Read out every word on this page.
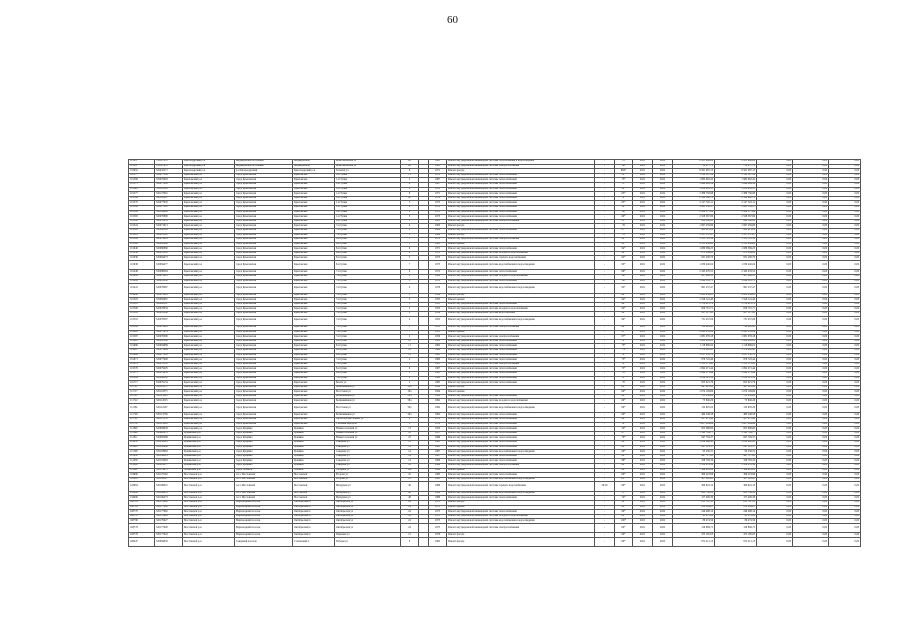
60
111637	741327672	Краснодарский р-н	Медведовское поселение	Медведовская	Комсомольская ул	26		1985	Ремонт внутридомовой инженерной системы газоснабжения и водоотведения	-	15	2021	2022	2 955 948,06	2 955 948,06	0,00	0,00	0,00
111637	741327672	Краснодарский р-н	Медведовское поселение	Медведовская	Комсомольская ул	26		1985	Ремонт внутридомовой инженерной системы электроснабжения	-	60	2021	2022	718 877,71	718 877,71	0,00	0,00	0,00
116002	345432271	Краснодарский р-н	р-н Краснодарский	Краснодарский р-н	Тельман ул	9		1971	Ремонт фасада	-	684*	2021	2022	8 561 087,13	8 561 087,13	0,00	0,00	0,00
101577	345077309	Крыловский р-н	город Крыловская	Крыловская	1-й Тупик	11		1970	Ремонт внутридомовой инженерной системы теплоснабжения	-	52*	2021	2022	1 762 507,16	1 762 507,16	0,00	0,00	0,00
101566	345078463	Крыловский р-н	город Крыловская	Крыловская	1-й Тупик	2		1967	Ремонт внутридомовой инженерной системы теплоснабжения	-	73*	2021	2022	1 982 092,42	1 982 092,42	0,00	0,00	0,00
101571	345077965	Крыловский р-н	город Крыловская	Крыловская	1-й Тупик	4		1967	Ремонт внутридомовой инженерной системы теплоснабжения	-	73*	2021	2022	1 644 999,59	1 644 999,59	0,00	0,00	0,00
111144	345116308	Крыловский р-н	город Крыловская	Крыловская	1-й Тупик	6		1970	Ремонт внутридомовой инженерной системы теплоснабжения	-	58*	2021	2022	1 658 963,13	1 658 963,13	0,00	0,00	0,00
101577	345127961	Крыловский р-н	город Крыловская	Крыловская	1-й Тупик	8		1971	Ремонт внутридомовой инженерной системы теплоснабжения	-	63*	2021	2022	2 389 756,98	2 389 756,98	0,00	0,00	0,00
101586	345163807	Крыловский р-н	город Крыловская	Крыловская	1-й Тупик	20		1976	Ремонт внутридомовой инженерной системы теплоснабжения	-	70*	2021	2022	2 140 290,70	2 140 290,70	0,00	0,00	0,00
101570	345077976	Крыловский р-н	город Крыловская	Крыловская	1-й Тупик	3		1975	Ремонт внутридомовой инженерной системы теплоснабжения	-	63*	2021	2022	2 127 522,11	2 127 522,11	0,00	0,00	0,00
101568	345077801	Крыловский р-н	город Крыловская	Крыловская	1-й Тупик	4		1972	Ремонт внутридомовой инженерной системы теплоснабжения	-	58*	2021	2022	1 661 158,37	1 661 158,37	0,00	0,00	0,00
101584	345104668	Крыловский р-н	город Крыловская	Крыловская	1-й Тупик	9		1973	Ремонт внутридомовой инженерной системы теплоснабжения	-	60	2021	2022	2 459 577,69	2 459 577,69	0,00	0,00	0,00
101565	345076890	Крыловский р-н	город Крыловская	Крыловская	1-й Тупик	3		1973	Ремонт внутридомовой инженерной системы теплоснабжения	-	60*	2021	2022	2 528 367,86	2 528 367,86	0,00	0,00	0,00
101560	345076931	Крыловский р-н	город Крыловская	Крыловская	2-й Тупик	1		1961	Ремонт внутридомовой инженерной системы электроснабжения	-	53*	2021	2022	898 168,41	898 168,41	0,00	0,00	0,00
101324	345071613	Крыловский р-н	город Крыловская	Крыловская	7-й тупик	4		1965	Ремонт фасада	-	76	2021	2022	1 067 459,69	1 067 459,69	0,00	0,00	0,00
101328	345082509	Крыловский р-н	город Крыловская	Крыловская	7-й тупик	2		1969	Ремонт внутридомовой инженерной системы теплоснабжения	-	97*	2021	2022	862 613,29	862 613,29	0,00	0,00	0,00
101323	345081361	Крыловский р-н	город Крыловская	Крыловская	7-й тупик	5		1969	Ремонт фасада	-	76	2021	2022	1 137 157,97	1 137 157,97	0,00	0,00	0,00
101326	345079945	Крыловский р-н	город Крыловская	Крыловская	8-й тупик	5		1970	Ремонт внутридомовой инженерной системы электроснабжения	-	92*	2021	2022	1 135 725,39	1 135 725,39	0,00	0,00	0,00
101526	345083662	Крыловский р-н	город Крыловская	Крыловская	8-й тупик	3		1963	Ремонт крыши	-	92*	2021	2022	2 115 958,60	2 115 958,60	0,00	0,00	0,00
101640	345080860	Крыловский р-н	город Крыловская	Крыловская	8-й тупик	6		1971	Ремонт внутридомовой инженерной системы теплоснабжения	-	94*	2021	2022	1 080 569,25	1 080 569,25	0,00	0,00	0,00
101636	345078245	Крыловский р-н	город Крыловская	Крыловская	8-й тупик	4		1972	Ремонт внутридомовой инженерной системы холодного водоснабжения	-	96*	2021	2022	673 284,90	673 284,90	0,00	0,00	0,00
101639	345084473	Крыловский р-н	город Крыловская	Крыловская	8-й тупик	5		1973	Ремонт внутридомовой инженерной системы горячего водоснабжения	-	92*	2021	2022	931 200,70	931 200,70	0,00	0,00	0,00
101638	345084477	Крыловский р-н	город Крыловская	Крыловская	8-й тупик	7		1973	Ремонт внутридомовой инженерной системы водоснабжения и водоотведения	-	93*	2021	2022	1 030 440,04	1 030 440,04	0,00	0,00	0,00
101449	345086094	Крыловский р-н	город Крыловская	Крыловская	7-й тупик	6		1972	Ремонт внутридомовой инженерной системы теплоснабжения	-	86*	2021	2022	2 343 476,52	2 343 476,52	0,00	0,00	0,00
101445	345078923	Крыловский р-н	город Крыловская	Крыловская	7-й тупик	4		1969	Ремонт внутридомовой инженерной системы холодного водоснабжения	-	60	2021	2022	457 298,13	457 298,13	0,00	0,00	0,00
101445	345081080	Крыловский р-н	город Крыловская	Крыловская	7-й тупик	3		1970	Ремонт внутридомовой инженерной системы теплоснабжения	-	60	2021	2022	1 294 195,71	1 294 195,71	0,00	0,00	0,00
101441	345079967	Крыловский р-н	город Крыловская	Крыловская	7-й тупик	4		1978	Ремонт внутридомовой инженерной системы водоснабжения и водоотведения	-	93*	2021	2022	991 237,47	991 237,47	0,00	0,00	0,00
101498	345078901	Крыловский р-н	город Крыловская	Крыловская	7-й тупик	3		1956	Ремонт фасада	-	94*	2021	2022	2 283 459,03	2 283 459,03	0,00	0,00	0,00
101505	345082667	Крыловский р-н	город Крыловская	Крыловская	7-й тупик	5		1955	Ремонт крыши	-	94*	2021	2022	1 526 141,40	1 526 141,40	0,00	0,00	0,00
101503	345080367	Крыловский р-н	город Крыловская	Крыловская	7-й тупик	5		1955	Ремонт внутридомовой инженерной системы теплоснабжения	-	94*	2021	2022	1 750 915,72	1 750 915,72	0,00	0,00	0,00
101509	345079834	Крыловский р-н	город Крыловская	Крыловская	7-й тупик	2		1955	Ремонт внутридомовой инженерной системы холодного водоснабжения	-	94*	2021	2022	659 710,71	659 710,71	0,00	0,00	0,00
101502	345081066	Крыловский р-н	город Крыловская	Крыловская	7-й тупик	2		1956	Ремонт внутридомовой инженерной системы водоотведения	-	84*	2021	2022	417 517,41	417 517,41	0,00	0,00	0,00
101510	345078307	Крыловский р-н	город Крыловская	Крыловская	7-й тупик	2		1955	Ремонт внутридомовой инженерной системы водоснабжения и водоотведения	-	94*	2021	2022	731 457,06	731 457,06	0,00	0,00	0,00
101508	345078629	Крыловский р-н	город Крыловская	Крыловская	7-й тупик	1		1955	Ремонт внутридомовой инженерной системы электроснабжения	-	94*	2021	2022	792 422,45	792 422,45	0,00	0,00	0,00
101602	345077474	Крыловский р-н	город Крыловская	Крыловская	7-й тупик	7		1955	Ремонт крыши	-	81*	2021	2022	2 045 235,29	2 045 235,29	0,00	0,00	0,00
101597	345070006	Крыловский р-н	город Крыловская	Крыловская	7-й тупик	2		1956	Ремонт внутридомовой инженерной системы электроснабжения	-	87*	2021	2022	1 081 076,18	1 081 076,18	0,00	0,00	0,00
101603	345093106	Крыловский р-н	город Крыловская	Крыловская	8-й тупик	10		1961	Ремонт внутридомовой инженерной системы теплоснабжения	-	78*	2021	2022	1 280 802,81	1 280 802,81	0,00	0,00	0,00
101666	345084689	Крыловский р-н	город Крыловская	Крыловская	8-й тупик	11		1962	Ремонт внутридомовой инженерной системы теплоснабжения	-	73*	2021	2022	1 118 869,02	1 118 869,02	0,00	0,00	0,00
101667	345075464	Крыловский р-н	город Крыловская	Крыловская	8-й тупик	10		1960	Ремонт внутридомовой инженерной системы теплоснабжения	-	74	2021	2022	1 178 800,43	1 178 800,43	0,00	0,00	0,00
101669	345077861	Крыловский р-н	город Крыловская	Крыловская	8-й тупик	12		1961	Ремонт внутридомовой инженерной системы теплоснабжения	-	76*	2021	2022	1 237 335,72	1 237 335,72	0,00	0,00	0,00
101671	345077906	Крыловский р-н	город Крыловская	Крыловская	7-й тупик	2		1960	Ремонт внутридомовой инженерной системы теплоснабжения	-	73*	2021	2022	970 722,44	970 722,44	0,00	0,00	0,00
101674	345078105	Крыловский р-н	город Крыловская	Крыловская	7-й тупик	3		1961	Ремонт внутридомовой инженерной системы электроснабжения	-	70*	2021	2022	1 133 571,93	1 133 571,93	0,00	0,00	0,00
101376	345079405	Крыловский р-н	город Крыловская	Крыловская	8-й тупик	6		1967	Ремонт внутридомовой инженерной системы теплоснабжения	-	75*	2021	2022	1 092 471,44	1 092 471,44	0,00	0,00	0,00
101375	345079438	Крыловский р-н	город Крыловская	Крыловская	8-й тупик	5		1965	Ремонт внутридомовой инженерной системы теплоснабжения	-	55	2021	2022	1 249 171,46	1 249 171,46	0,00	0,00	0,00
101164	345086802	Крыловский р-н	город Крыловская	Крыловская	7-й тупик	9		1968	Ремонт внутридомовой инженерной системы теплоснабжения	-	72*	2021	2022	1 034 321,14	1 034 321,14	0,00	0,00	0,00
101717	345079154	Крыловский р-н	город Крыловская	Крыловская	Безаза ул	2		1985	Ремонт внутридомовой инженерной системы теплоснабжения	-	70	2021	2022	655 021,79	655 021,79	0,00	0,00	0,00
111721	345112471	Крыловский р-н	город Крыловская	Крыловская	Белинвайкина ул	58а		1992	Ремонт фасада	-	60*	2021	2022	447 823,41	447 823,41	0,00	0,00	0,00
111717	345118375	Крыловский р-н	город Крыловская	Крыловская	Восточная ул	18а		1994	Ремонт крыши	-	60*	2021	2022	1 074 109,69	1 074 109,69	0,00	0,00	0,00
111721	345113905	Крыловский р-н	город Крыловская	Крыловская	Белинвайкина ул	58а		1992	Ремонт внутридомовой инженерной системы теплоснабжения	-	60*	2021	2022	755 838,62	755 838,62	0,00	0,00	0,00
111722	345112025	Крыловский р-н	город Крыловская	Крыловская	Белинвайкина ул	58а		1992	Ремонт внутридомовой инженерной системы холодного водоснабжения	-	60*	2021	2022	73 846,26	73 846,26	0,00	0,00	0,00
111581	345112207	Крыловский р-н	город Крыловская	Крыловская	Восточная ул	59а		1992	Ремонт внутридомовой инженерной системы водоснабжения и водоотведения	-	60*	2021	2022	132 805,20	132 805,20	0,00	0,00	0,00
111726	345113706	Крыловский р-н	город Крыловская	Крыловская	Белинвайкина ул	59а		1992	Ремонт внутридомовой инженерной системы теплоснабжения	-	60*	2021	2022	480 248,58	480 248,58	0,00	0,00	0,00
111721	345117976	Крыловский р-н	город Крыловская	Крыловская	Пролетарская/Ленина ул	4		1972	Ремонт внутридомовой инженерной системы теплоснабжения	-	60*	2021	2022	417 671,48	417 671,48	0,00	0,00	0,00
111731	345113916	Крыловский р-н	город Крыловская	Крыловская	Учебный переулок	2		1974	Ремонт внутридомовой инженерной системы теплоснабжения	-	74*	2021	2022	1 007 004,86	1 007 004,86	0,00	0,00	0,00
111805	345084958	Крыловский р-н	город Кущёвка	Кущёвка	Новый сельский ул	13		1952	Ремонт внутридомовой инженерной системы теплоснабжения	-	54*	2021	2022	955 068,60	955 068,60	0,00	0,00	0,00
111940	345400673	Кущёвский р-н	город Кущёвка	Кущёвка	Новый сельский ул	16		1957	Ремонт внутридомовой инженерной системы теплоснабжения	-	67*	2021	2022	1 142 704,77	1 142 704,77	0,00	0,00	0,00
111811	345085068	Кущёвский р-н	город Кущёвка	Кущёвка	Новый сельский ул	25		1966	Ремонт внутридомовой инженерной системы теплоснабжения	-	70*	2021	2022	847 704,37	847 704,37	0,00	0,00	0,00
111950	345259025	Кущёвский р-н	город Кущёвка	Кущёвка	Северная ул	12		1965	Ремонт внутридомовой инженерной системы теплоснабжения	-	86*	2021	2022	1 056 890,45	1 056 890,45	0,00	0,00	0,00
111983	345243446	Кущёвский р-н	город Кущёвка	Кущёвка	Северная ул	14		1965	Ремонт внутридомовой инженерной системы теплоснабжения	-	88*	2021	2022	247 123,37	247 123,37	0,00	0,00	0,00
111599	345193963	Кущёвский р-н	город Кущёвка	Кущёвка	Северная ул	14		1967	Ремонт внутридомовой инженерной системы водоснабжения и водоотведения	-	90*	2021	2022	93 230,31	93 230,31	0,00	0,00	0,00
111952	345196023	Кущёвский р-н	город Кущёвка	Кущёвка	Северная ул	14		1967	Ремонт внутридомовой инженерной системы теплоснабжения	-	86*	2021	2022	497 717,95	497 717,95	0,00	0,00	0,00
111959	345191663	Кущёвский р-н	город Кущёвка	Кущёвка	Северная ул	14		1966	Ремонт внутридомовой инженерной системы теплоснабжения	-	86*	2021	2022	328 782,34	328 782,34	0,00	0,00	0,00
111860	345223077	Кущёвский р-н	город Кущёвка	Кущёвка	Северная ул	16		1966	Ремонт внутридомовой инженерной системы электроснабжения	-	88*	2021	2022	1 158 076,36	1 158 076,36	0,00	0,00	0,00
111891	345179672	Лабинский р-н	город Лабинск	Лабинск	Гагарина ул	109		1990	Ремонт крыши	-	60*	2021	2022	7 564 405,28	7 564 405,28	0,00	0,00	0,00
118696	345178162	Мостовской р-н	п.г.т. Мостовской	Мостовской	Егорова ул	25		1983	Ремонт внутридомовой инженерной системы теплоснабжения	-	60*	2021	2022	369 218,96	369 218,96	0,00	0,00	0,00
118601	345169127	Мостовской р-н	п.г.т. Мостовской	Мостовской	Егорова ул	25		1983	Ремонт внутридомовой инженерной системы водоснабжения и водоотведения	-	63*	2021	2022	187 128,95	187 128,95	0,00	0,00	0,00
118604	345166021	Мостовской р-н	п.г.т. Мостовской	Мостовской	Мичурина ул	40		1989	Ремонт внутридомовой инженерной системы горячего водоснабжения	29/16	60*	2021	2022	360 822,10	360 822,10	0,00	0,00	0,00
118606	345169455	Мостовской р-н	п.г.т. Мостовской	Мостовской	Мичурина ул	48		1989	Ремонт внутридомовой инженерной системы водоснабжения и водоотведения	-	73*	2021	2022	263 736,10	263 736,10	0,00	0,00	0,00
118606	345190473	Мостовской р-н	п.г.т. Мостовской	Мостовской	Мичурина ул	48		1989	Ремонт внутридомовой инженерной системы теплоснабжения	-	74*	2021	2022	157 400,30	157 400,30	0,00	0,00	0,00
108761	345178641	Мостовской р-н	Верхнеодний поселок	Октябрьский п	Октябрьская ул	24		1975	Ремонт фасада	-	80*	2021	2022	215 787,13	215 787,13	0,00	0,00	0,00
108795	345177463	Мостовской р-н	Верхнеодний поселок	Октябрьский п	Октябрьская ул	24		1975	Ремонт крыши	-	80*	2021	2022	212 299,67	212 299,67	0,00	0,00	0,00
108770	345177862	Мостовской р-н	Верхнеодний поселок	Октябрьский п	Октябрьская ул	24		1975	Ремонт внутридомовой инженерной системы теплоснабжения	-	80*	2021	2022	249 498,14	249 498,14	0,00	0,00	0,00
108776	345178963	Мостовской р-н	Верхнеодний поселок	Октябрьский п	Октябрьская ул	24		1975	Ремонт внутридомовой инженерной системы холодного водоснабжения	-	80*	2021	2022	91 475,28	91 475,28	0,00	0,00	0,00
108790	345179627	Мостовской р-н	Верхнеодний поселок	Октябрьский п	Октябрьская ул	24		1975	Ремонт внутридомовой инженерной системы водоснабжения и водоотведения	-	100*	2021	2022	86 474,56	86 474,56	0,00	0,00	0,00
108778	345177920	Мостовской р-н	Верхнеодний поселок	Октябрьский п	Октябрьская ул	24		1975	Ремонт внутридомовой инженерной системы электроснабжения	-	80*	2021	2022	126 869,75	126 869,75	0,00	0,00	0,00
108779	345177624	Мостовской р-н	Верхнеодний поселок	Октябрьский п	Парковая ул	15		1976	Ремонт фасада	-	60*	2021	2022	473 185,03	473 185,03	0,00	0,00	0,00
108447	345094832	Мостовской р-н	Северный поселок	Степовский п	Победы ул	6		1962	Ремонт фасада	-	60*	2021	2022	972 411,13	972 411,13	0,00	0,00	0,00
